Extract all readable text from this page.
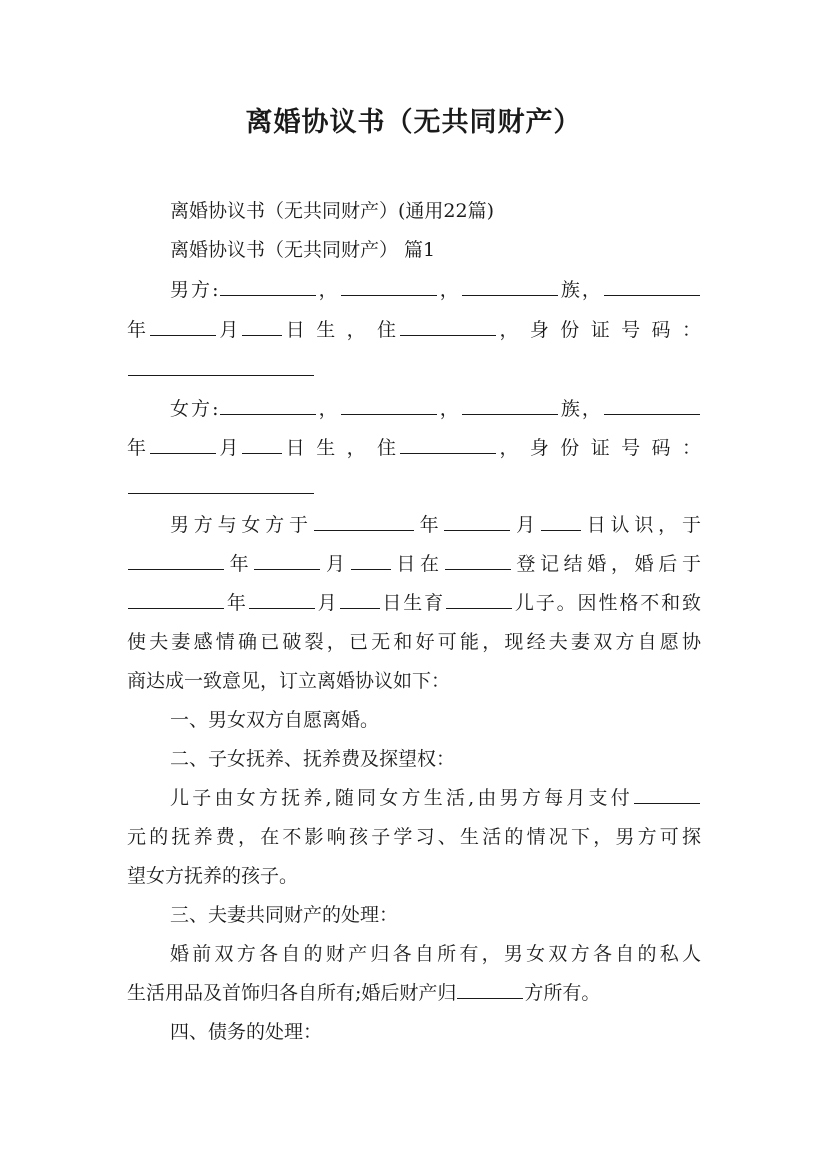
离婚协议书（无共同财产）
离婚协议书（无共同财产）(通用22篇)
离婚协议书（无共同财产） 篇1
男方:	，	，	族，
年	月 日 生 ， 住	， 身 份 证 号 码 ：
女方:	，	，	族，
年	月 日 生 ， 住	， 身 份 证 号 码 ：
男方与女方于	年	月 日认识，于
年	月 日在	登记结婚，婚后于
年	月 日生育	儿子。因性格不和致
使夫妻感情确已破裂，已无和好可能，现经夫妻双方自愿协
商达成一致意见，订立离婚协议如下：
一、男女双方自愿离婚。
二、子女抚养、抚养费及探望权：
儿子由女方抚养,随同女方生活,由男方每月支付
元的抚养费，在不影响孩子学习、生活的情况下，男方可探
望女方抚养的孩子。
三、夫妻共同财产的处理：
婚前双方各自的财产归各自所有，男女双方各自的私人
生活用品及首饰归各自所有;婚后财产归	方所有。
四、债务的处理：
